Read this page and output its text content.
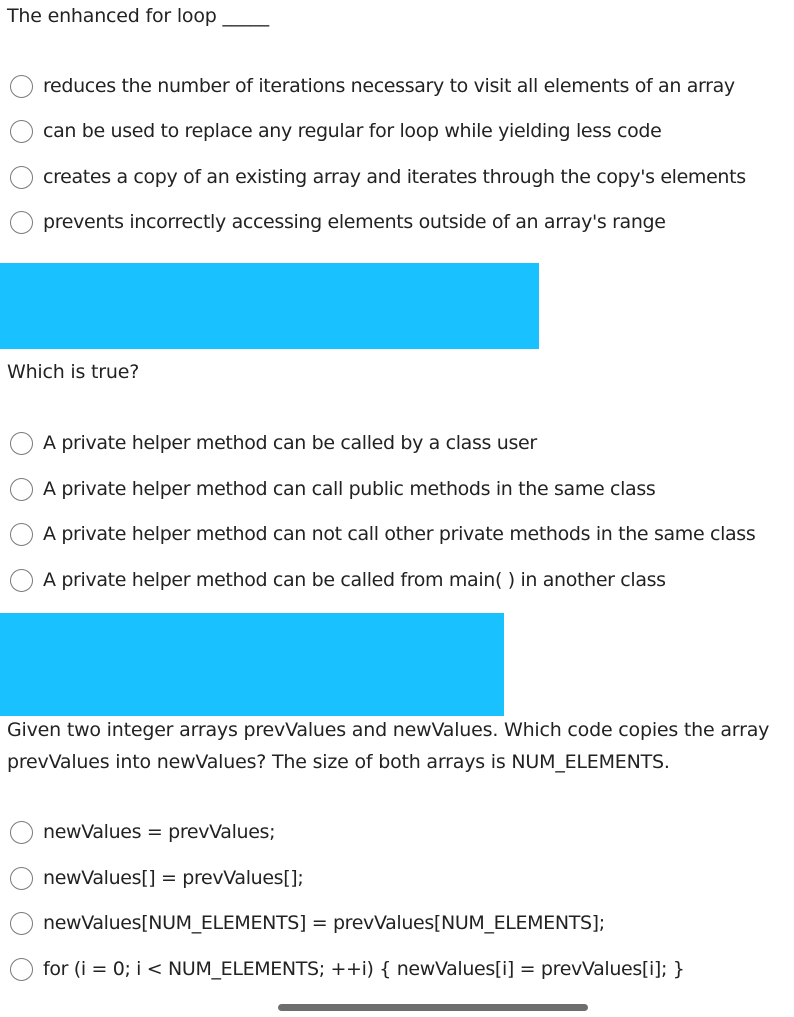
The enhanced for loop _____

reduces the number of iterations necessary to visit all elements of an array
can be used to replace any regular for loop while yielding less code
creates a copy of an existing array and iterates through the copy's elements
prevents incorrectly accessing elements outside of an array's range

Which is true?

A private helper method can be called by a class user
A private helper method can call public methods in the same class
A private helper method can not call other private methods in the same class
A private helper method can be called from main( ) in another class

Given two integer arrays prevValues and newValues. Which code copies the array

prevValues into newValues? The size of both arrays is NUM_ELEMENTS.

newValues = prevValues;
newValues[] = prevValues[];
newValues[NUM_ELEMENTS] = prevValues[NUM_ELEMENTS];
for (i = 0; i < NUM_ELEMENTS; ++i) { newValues[i] = prevValues[i]; }
